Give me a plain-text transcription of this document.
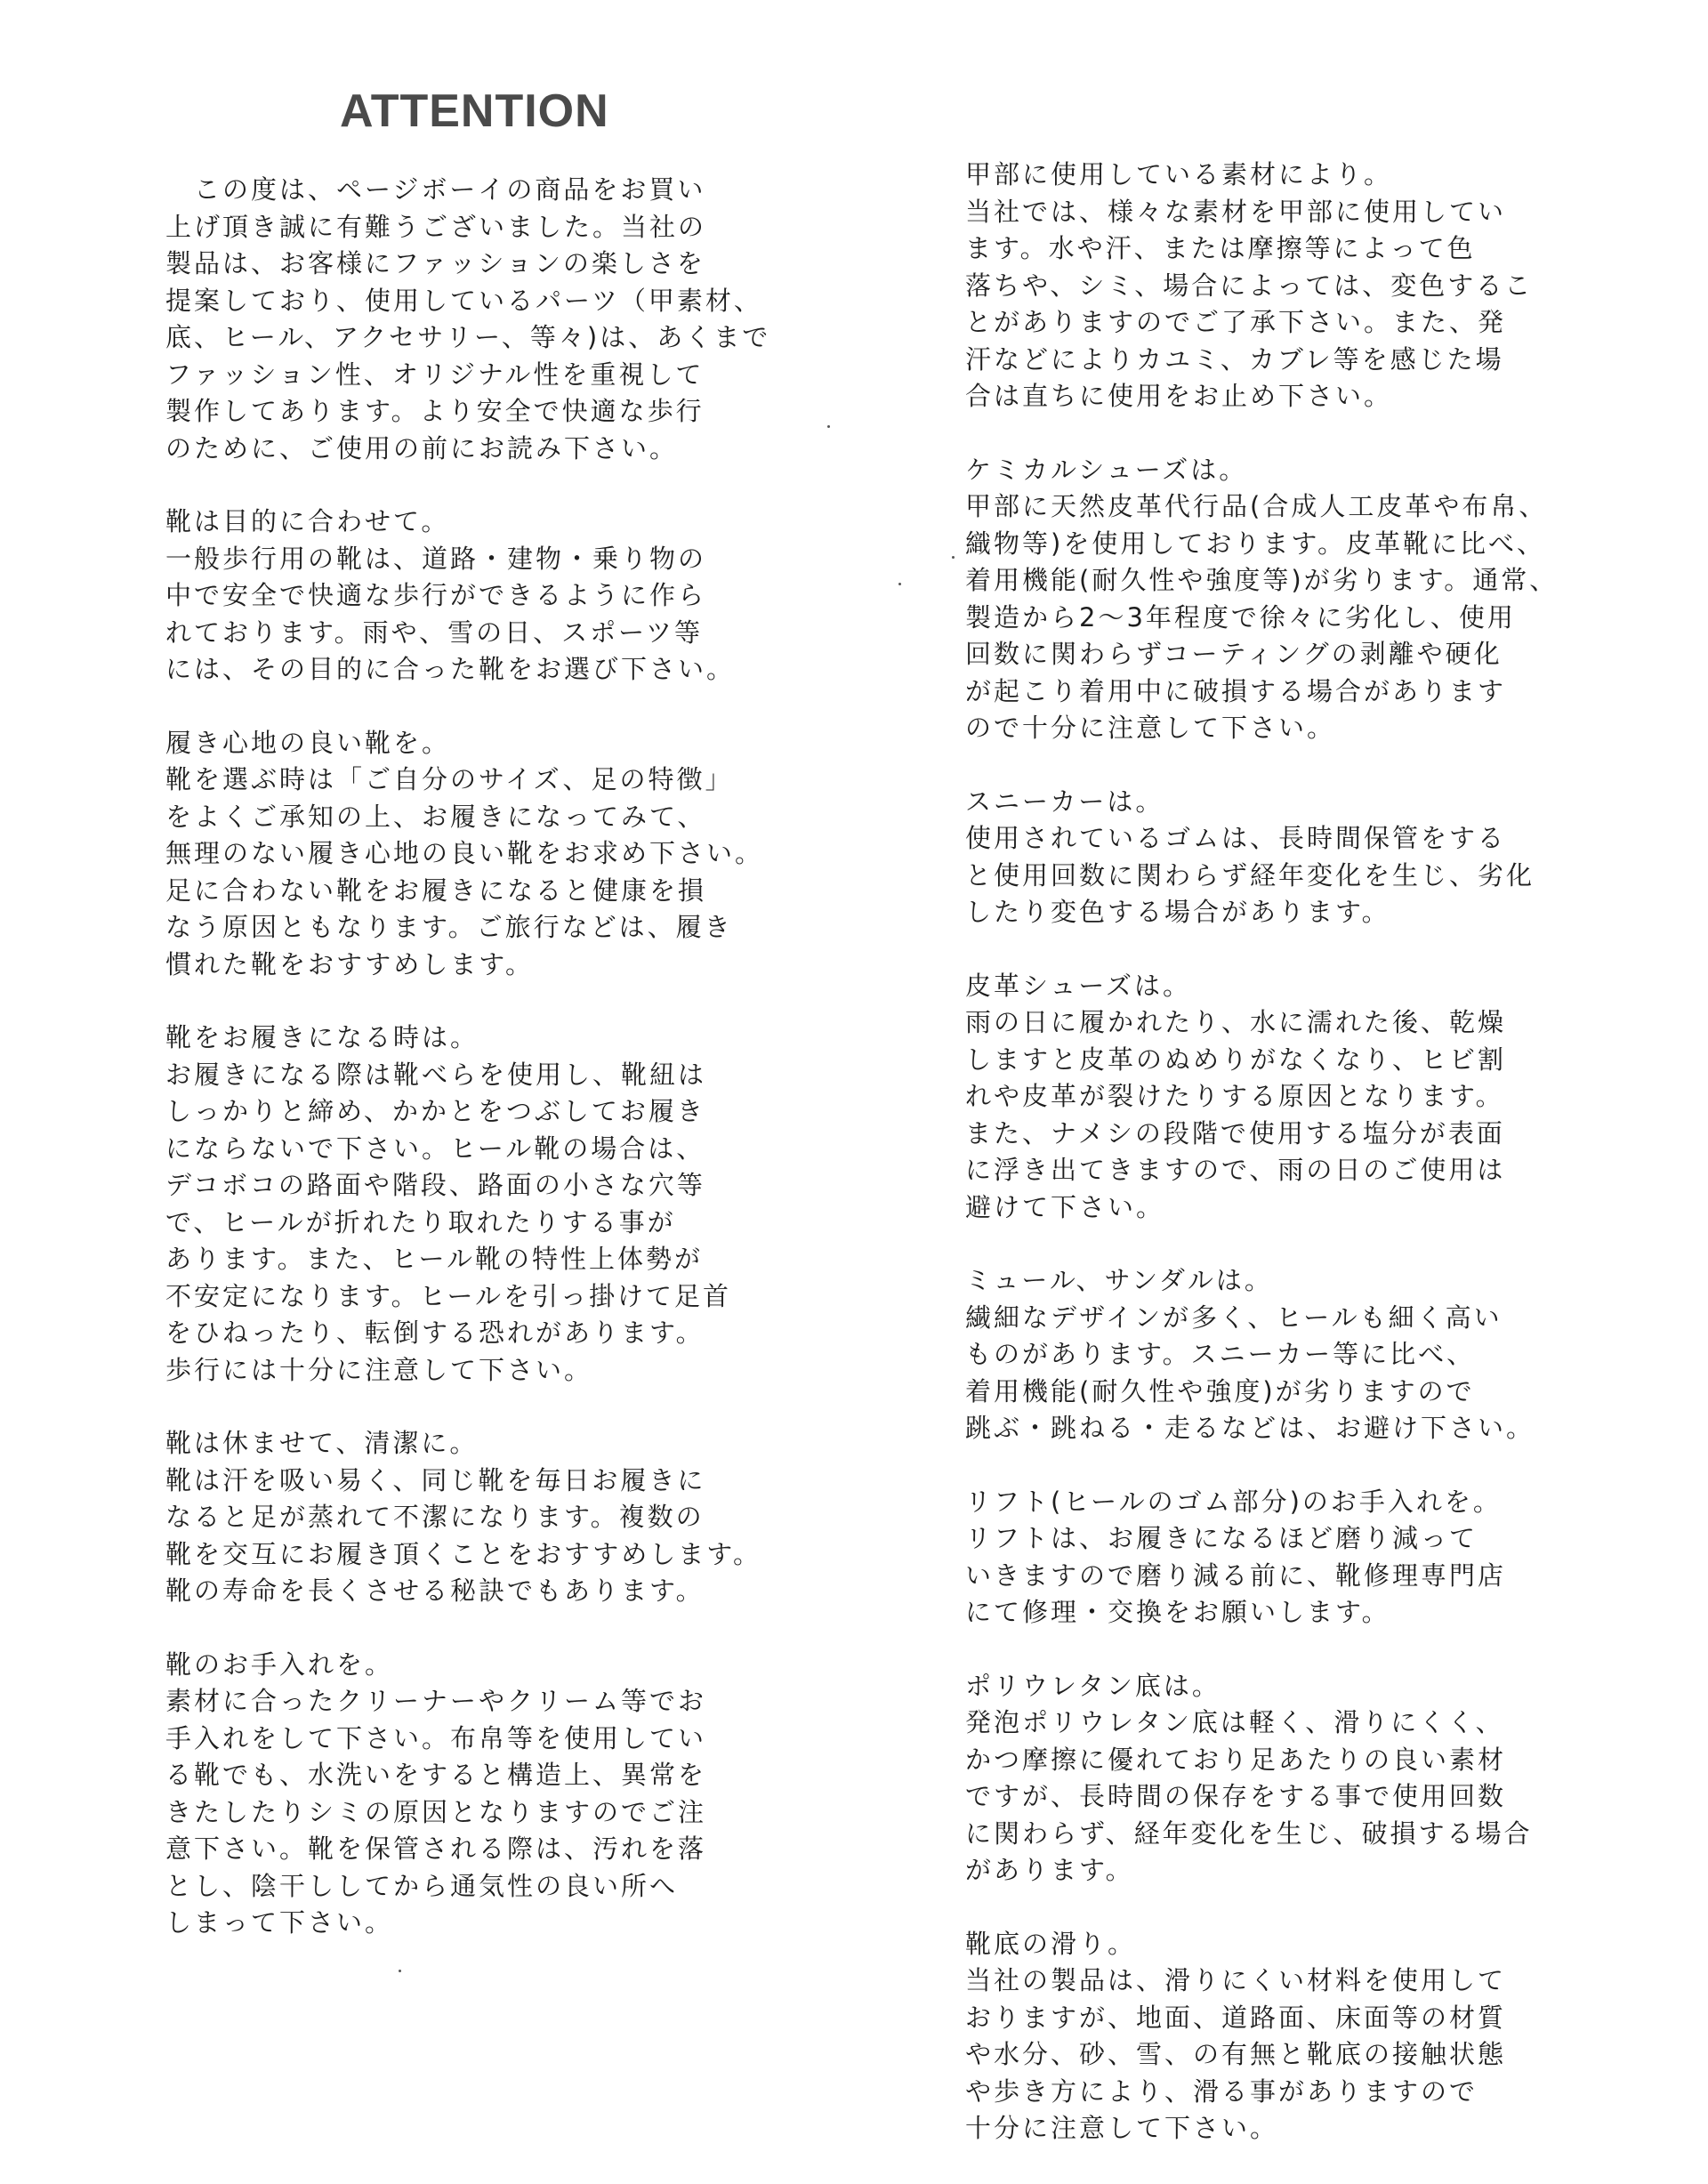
ATTENTION
　この度は、ページボーイの商品をお買い
上げ頂き誠に有難うございました。当社の
製品は、お客様にファッションの楽しさを
提案しており、使用しているパーツ（甲素材、
底、ヒール、アクセサリー、等々)は、あくまで
ファッション性、オリジナル性を重視して
製作してあります。より安全で快適な歩行
のために、ご使用の前にお読み下さい。
靴は目的に合わせて。
一般歩行用の靴は、道路・建物・乗り物の
中で安全で快適な歩行ができるように作ら
れております。雨や、雪の日、スポーツ等
には、その目的に合った靴をお選び下さい。
履き心地の良い靴を。
靴を選ぶ時は「ご自分のサイズ、足の特徴」
をよくご承知の上、お履きになってみて、
無理のない履き心地の良い靴をお求め下さい。
足に合わない靴をお履きになると健康を損
なう原因ともなります。ご旅行などは、履き
慣れた靴をおすすめします。
靴をお履きになる時は。
お履きになる際は靴べらを使用し、靴紐は
しっかりと締め、かかとをつぶしてお履き
にならないで下さい。ヒール靴の場合は、
デコボコの路面や階段、路面の小さな穴等
で、ヒールが折れたり取れたりする事が
あります。また、ヒール靴の特性上体勢が
不安定になります。ヒールを引っ掛けて足首
をひねったり、転倒する恐れがあります。
歩行には十分に注意して下さい。
靴は休ませて、清潔に。
靴は汗を吸い易く、同じ靴を毎日お履きに
なると足が蒸れて不潔になります。複数の
靴を交互にお履き頂くことをおすすめします。
靴の寿命を長くさせる秘訣でもあります。
靴のお手入れを。
素材に合ったクリーナーやクリーム等でお
手入れをして下さい。布帛等を使用してい
る靴でも、水洗いをすると構造上、異常を
きたしたりシミの原因となりますのでご注
意下さい。靴を保管される際は、汚れを落
とし、陰干ししてから通気性の良い所へ
しまって下さい。
甲部に使用している素材により。
当社では、様々な素材を甲部に使用してい
ます。水や汗、または摩擦等によって色
落ちや、シミ、場合によっては、変色するこ
とがありますのでご了承下さい。また、発
汗などによりカユミ、カブレ等を感じた場
合は直ちに使用をお止め下さい。
ケミカルシューズは。
甲部に天然皮革代行品(合成人工皮革や布帛、
織物等)を使用しております。皮革靴に比べ、
着用機能(耐久性や強度等)が劣ります。通常、
製造から2〜3年程度で徐々に劣化し、使用
回数に関わらずコーティングの剥離や硬化
が起こり着用中に破損する場合があります
ので十分に注意して下さい。
スニーカーは。
使用されているゴムは、長時間保管をする
と使用回数に関わらず経年変化を生じ、劣化
したり変色する場合があります。
皮革シューズは。
雨の日に履かれたり、水に濡れた後、乾燥
しますと皮革のぬめりがなくなり、ヒビ割
れや皮革が裂けたりする原因となります。
また、ナメシの段階で使用する塩分が表面
に浮き出てきますので、雨の日のご使用は
避けて下さい。
ミュール、サンダルは。
繊細なデザインが多く、ヒールも細く高い
ものがあります。スニーカー等に比べ、
着用機能(耐久性や強度)が劣りますので
跳ぶ・跳ねる・走るなどは、お避け下さい。
リフト(ヒールのゴム部分)のお手入れを。
リフトは、お履きになるほど磨り減って
いきますので磨り減る前に、靴修理専門店
にて修理・交換をお願いします。
ポリウレタン底は。
発泡ポリウレタン底は軽く、滑りにくく、
かつ摩擦に優れており足あたりの良い素材
ですが、長時間の保存をする事で使用回数
に関わらず、経年変化を生じ、破損する場合
があります。
靴底の滑り。
当社の製品は、滑りにくい材料を使用して
おりますが、地面、道路面、床面等の材質
や水分、砂、雪、の有無と靴底の接触状態
や歩き方により、滑る事がありますので
十分に注意して下さい。
